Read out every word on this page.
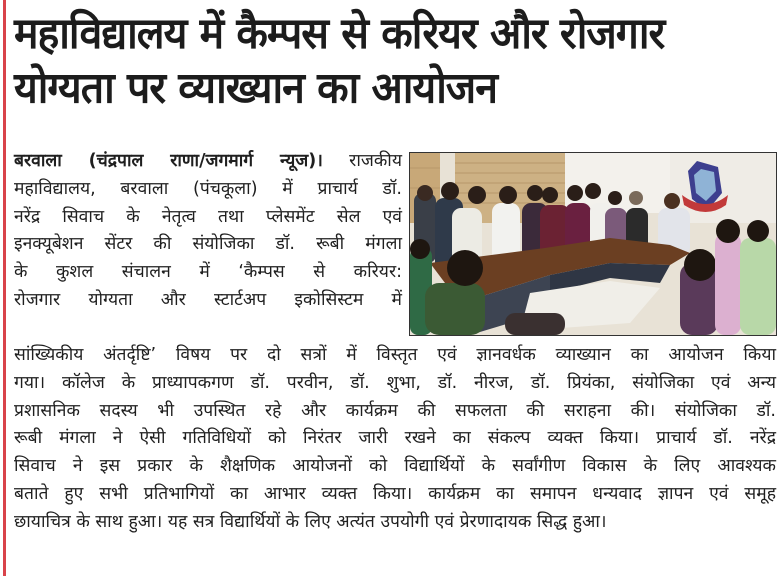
महाविद्यालय में कैम्पस से करियर और रोजगार
योग्यता पर व्याख्यान का आयोजन
बरवाला (चंद्रपाल राणा/जगमार्ग न्यूज)। राजकीय
महाविद्यालय, बरवाला (पंचकूला) में प्राचार्य डॉ.
नरेंद्र सिवाच के नेतृत्व तथा प्लेसमेंट सेल एवं
इनक्यूबेशन सेंटर की संयोजिका डॉ. रूबी मंगला
के कुशल संचालन में ‘कैम्पस से करियर:
रोजगार योग्यता और स्टार्टअप इकोसिस्टम में
सांख्यिकीय अंतर्दृष्टि’ विषय पर दो सत्रों में विस्तृत एवं ज्ञानवर्धक व्याख्यान का आयोजन किया
गया। कॉलेज के प्राध्यापकगण डॉ. परवीन, डॉ. शुभा, डॉ. नीरज, डॉ. प्रियंका, संयोजिका एवं अन्य
प्रशासनिक सदस्य भी उपस्थित रहे और कार्यक्रम की सफलता की सराहना की। संयोजिका डॉ.
रूबी मंगला ने ऐसी गतिविधियों को निरंतर जारी रखने का संकल्प व्यक्त किया। प्राचार्य डॉ. नरेंद्र
सिवाच ने इस प्रकार के शैक्षणिक आयोजनों को विद्यार्थियों के सर्वांगीण विकास के लिए आवश्यक
बताते हुए सभी प्रतिभागियों का आभार व्यक्त किया। कार्यक्रम का समापन धन्यवाद ज्ञापन एवं समूह
छायाचित्र के साथ हुआ। यह सत्र विद्यार्थियों के लिए अत्यंत उपयोगी एवं प्रेरणादायक सिद्ध हुआ।
